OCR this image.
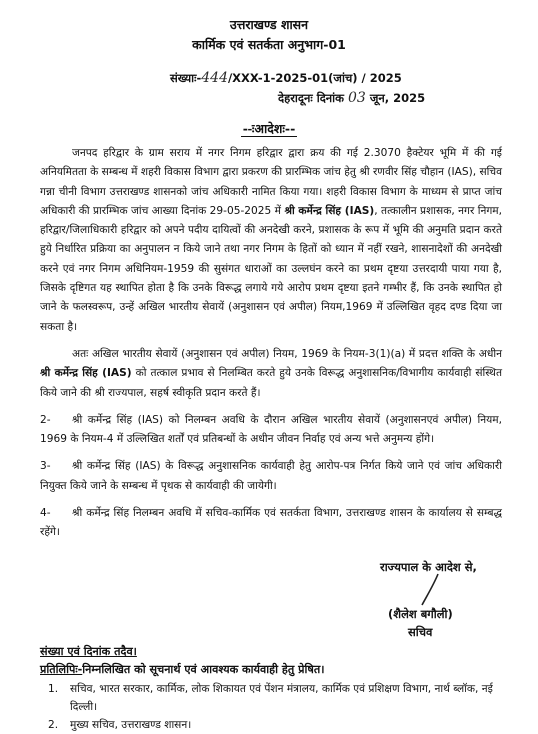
उत्तराखण्ड शासन
कार्मिक एवं सतर्कता अनुभाग-01
संख्याः-444/XXX-1-2025-01(जांच) / 2025
देहरादूनः दिनांक 03 जून, 2025
--ःआदेशः--

जनपद हरिद्वार के ग्राम सराय में नगर निगम हरिद्वार द्वारा क्रय की गई 2.3070 हैक्टेयर भूमि में की गई अनियमितता के सम्बन्ध में शहरी विकास विभाग द्वारा प्रकरण की प्रारम्भिक जांच हेतु श्री रणवीर सिंह चौहान (IAS), सचिव गन्ना चीनी विभाग उत्तराखण्ड शासनको जांच अधिकारी नामित किया गया। शहरी विकास विभाग के माध्यम से प्राप्त जांच अधिकारी की प्रारम्भिक जांच आख्या दिनांक 29-05-2025 में श्री कर्मेन्द्र सिंह (IAS), तत्कालीन प्रशासक, नगर निगम, हरिद्वार/जिलाधिकारी हरिद्वार को अपने पदीय दायित्वों की अनदेखी करने, प्रशासक के रूप में भूमि की अनुमति प्रदान करते हुये निर्धारित प्रक्रिया का अनुपालन न किये जाने तथा नगर निगम के हितों को ध्यान में नहीं रखने, शासनादेशों की अनदेखी करने एवं नगर निगम अधिनियम-1959 की सुसंगत धाराओं का उल्लघंन करने का प्रथम दृष्टया उत्तरदायी पाया गया है, जिसके दृष्टिगत यह स्थापित होता है कि उनके विरूद्ध लगाये गये आरोप प्रथम दृष्टया इतने गम्भीर हैं, कि उनके स्थापित हो जाने के फलस्वरूप, उन्हें अखिल भारतीय सेवायें (अनुशासन एवं अपील) नियम,1969 में उल्लिखित वृहद दण्ड दिया जा सकता है।

अतः अखिल भारतीय सेवायें (अनुशासन एवं अपील) नियम, 1969 के नियम-3(1)(a) में प्रदत्त शक्ति के अधीन श्री कर्मेन्द्र सिंह (IAS) को तत्काल प्रभाव से निलम्बित करते हुये उनके विरूद्ध अनुशासनिक/विभागीय कार्यवाही संस्थित किये जाने की श्री राज्यपाल, सहर्ष स्वीकृति प्रदान करते हैं।

2- श्री कर्मेन्द्र सिंह (IAS) को निलम्बन अवधि के दौरान अखिल भारतीय सेवायें (अनुशासनएवं अपील) नियम, 1969 के नियम-4 में उल्लिखित शर्तों एवं प्रतिबन्धों के अधीन जीवन निर्वाह एवं अन्य भत्ते अनुमन्य होंगे।

3- श्री कर्मेन्द्र सिंह (IAS) के विरूद्ध अनुशासनिक कार्यवाही हेतु आरोप-पत्र निर्गत किये जाने एवं जांच अधिकारी नियुक्त किये जाने के सम्बन्ध में पृथक से कार्यवाही की जायेगी।

4- श्री कर्मेन्द्र सिंह निलम्बन अवधि में सचिव-कार्मिक एवं सतर्कता विभाग, उत्तराखण्ड शासन के कार्यालय से सम्बद्ध रहेंगे।

राज्यपाल के आदेश से,
(शैलेश बगौली)
सचिव
संख्या एवं दिनांक तदैव।
प्रतिलिपिः-निम्नलिखित को सूचनार्थ एवं आवश्यक कार्यवाही हेतु प्रेषित।
1. सचिव, भारत सरकार, कार्मिक, लोक शिकायत एवं पेंशन मंत्रालय, कार्मिक एवं प्रशिक्षण विभाग, नार्थ ब्लॉक, नई दिल्ली।
2. मुख्य सचिव, उत्तराखण्ड शासन।
